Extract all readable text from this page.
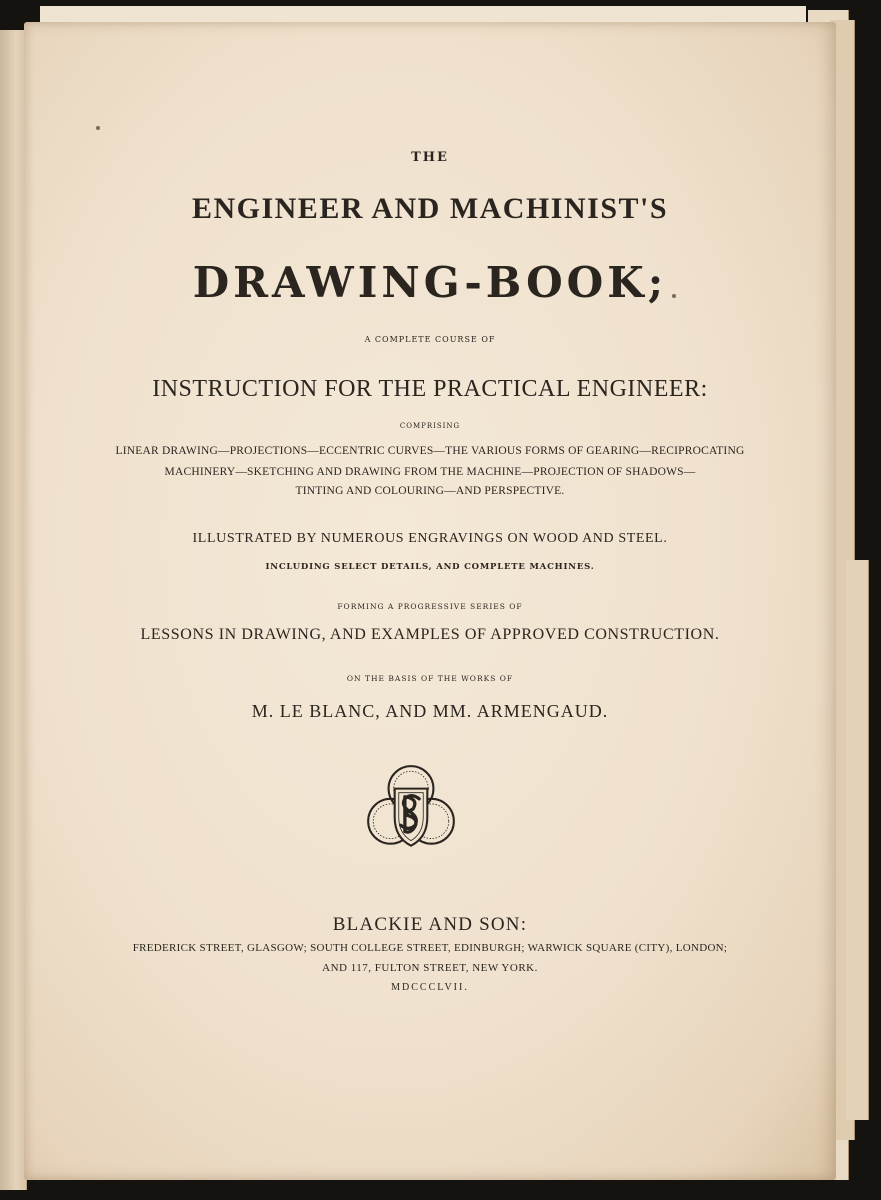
THE
ENGINEER AND MACHINIST'S
DRAWING-BOOK;
A COMPLETE COURSE OF
INSTRUCTION FOR THE PRACTICAL ENGINEER:
COMPRISING
LINEAR DRAWING—PROJECTIONS—ECCENTRIC CURVES—THE VARIOUS FORMS OF GEARING—RECIPROCATING
MACHINERY—SKETCHING AND DRAWING FROM THE MACHINE—PROJECTION OF SHADOWS—
TINTING AND COLOURING—AND PERSPECTIVE.
ILLUSTRATED BY NUMEROUS ENGRAVINGS ON WOOD AND STEEL.
INCLUDING SELECT DETAILS, AND COMPLETE MACHINES.
FORMING A PROGRESSIVE SERIES OF
LESSONS IN DRAWING, AND EXAMPLES OF APPROVED CONSTRUCTION.
ON THE BASIS OF THE WORKS OF
M. LE BLANC, AND MM. ARMENGAUD.
BLACKIE AND SON:
FREDERICK STREET, GLASGOW; SOUTH COLLEGE STREET, EDINBURGH; WARWICK SQUARE (CITY), LONDON;
AND 117, FULTON STREET, NEW YORK.
MDCCCLVII.
